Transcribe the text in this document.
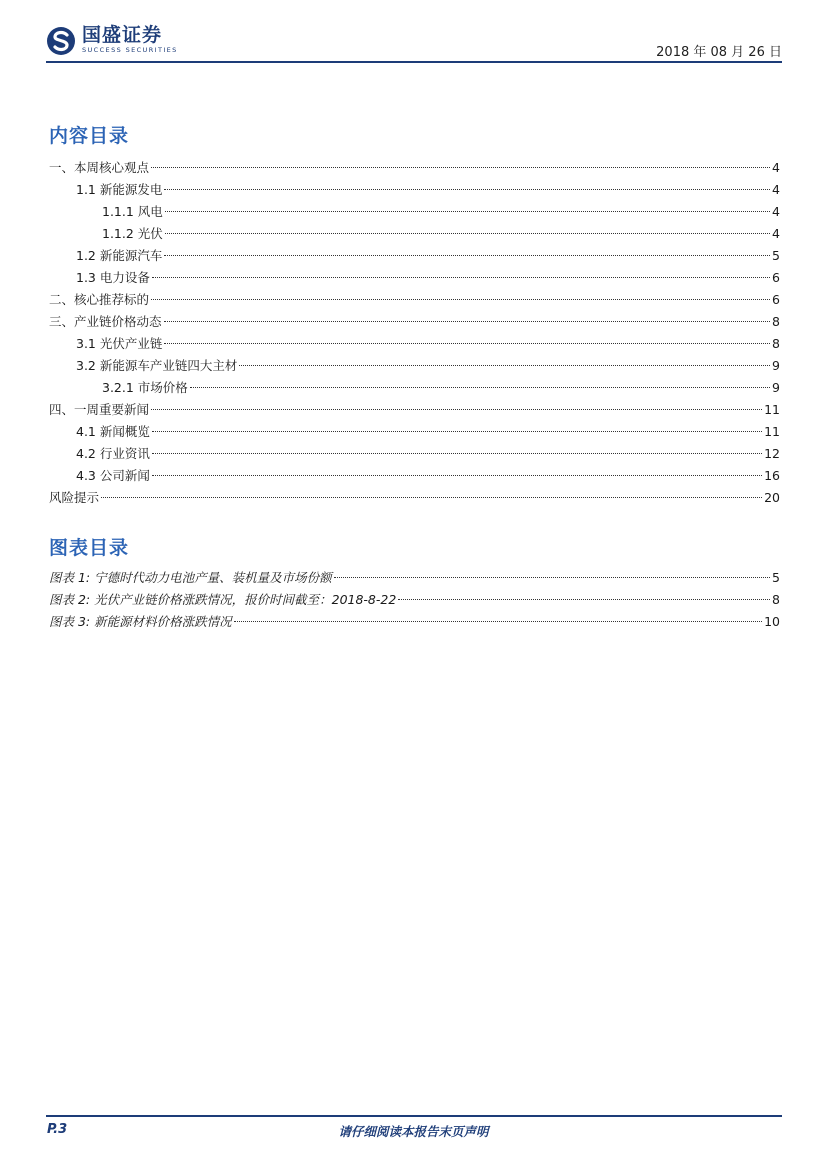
国盛证券
SUCCESS SECURITIES	2018 年 08 月 26 日
内容目录
一、本周核心观点	4
1.1 新能源发电	4
1.1.1 风电	4
1.1.2 光伏	4
1.2 新能源汽车	5
1.3 电力设备	6
二、核心推荐标的	6
三、产业链价格动态	8
3.1 光伏产业链	8
3.2 新能源车产业链四大主材	9
3.2.1 市场价格	9
四、一周重要新闻	11
4.1 新闻概览	11
4.2 行业资讯	12
4.3 公司新闻	16
风险提示	20
图表目录
图表 1: 宁德时代动力电池产量、装机量及市场份额	5
图表 2: 光伏产业链价格涨跌情况，报价时间截至：2018-8-22	8
图表 3: 新能源材料价格涨跌情况	10
P.3	请仔细阅读本报告末页声明
